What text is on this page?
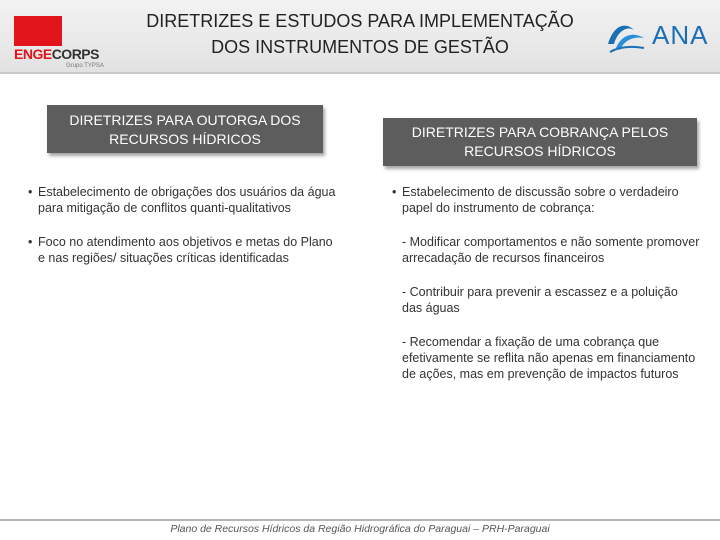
ENGECORPS
Grupo TYPSA
DIRETRIZES E ESTUDOS PARA IMPLEMENTAÇÃO
DOS INSTRUMENTOS DE GESTÃO	ANA
DIRETRIZES PARA OUTORGA DOS
RECURSOS HÍDRICOS	DIRETRIZES PARA COBRANÇA PELOS
RECURSOS HÍDRICOS
• Estabelecimento de obrigações dos usuários da água para mitigação de conflitos quanti-qualitativos
• Foco no atendimento aos objetivos e metas do Plano e nas regiões/ situações críticas identificadas
• Estabelecimento de discussão sobre o verdadeiro papel do instrumento de cobrança:
- Modificar comportamentos e não somente promover arrecadação de recursos financeiros
- Contribuir para prevenir a escassez e a poluição das águas
- Recomendar a fixação de uma cobrança que efetivamente se reflita não apenas em financiamento de ações, mas em prevenção de impactos futuros
Plano de Recursos Hídricos da Região Hidrográfica do Paraguai – PRH-Paraguai
